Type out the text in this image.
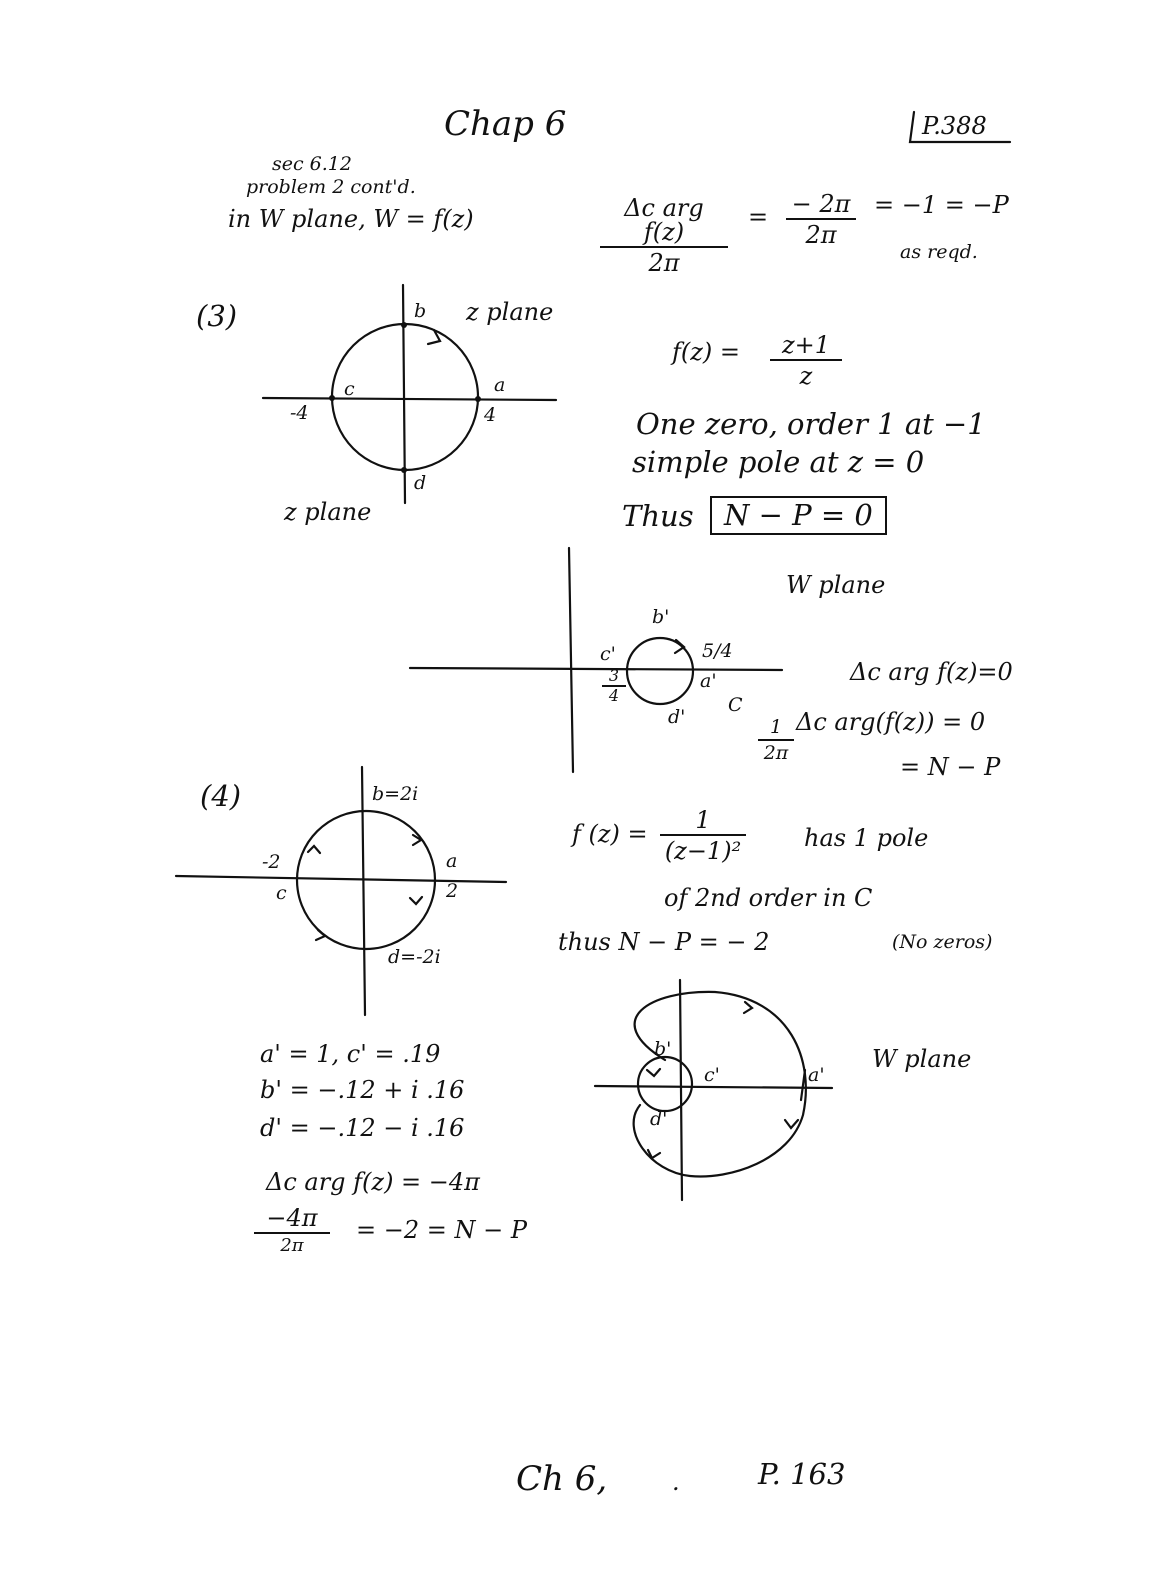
Chap 6	P.388
sec 6.12
problem 2 cont'd.
in W plane, W = f(z)	Δc arg f(z)
2π
= $\frac{- 2\pi}{2\pi} = -1 = -P$
as reqd.
(3)	z plane
b
c	a
-4	4
d
z plane
$f(z) = \frac{z+1}{z}$
One zero, order 1 at −1
simple pole at z = 0
Thus	N − P = 0
W plane
b'
c'	5/4
a'
$\frac{3}{4}$
d'
C
Δc arg f(z)=0
$\frac{1}{2\pi}$ Δc arg(f(z)) = 0
= N − P
(4)	b=2i
-2
c
a
2
d=-2i
f $(z) = \frac{1}{\text{(z−1)²}}$ has 1 pole
of 2nd order in C
thus N − P = − 2	(No zeros)
a' = 1, c' = .19
b' = −.12 + i .16
d' = −.12 − i .16
Δc arg f(z) = −4π
−4π
2π
= −2 = N − P
W plane
b'
c'	a'
d'
Ch 6,	.	P. 163
